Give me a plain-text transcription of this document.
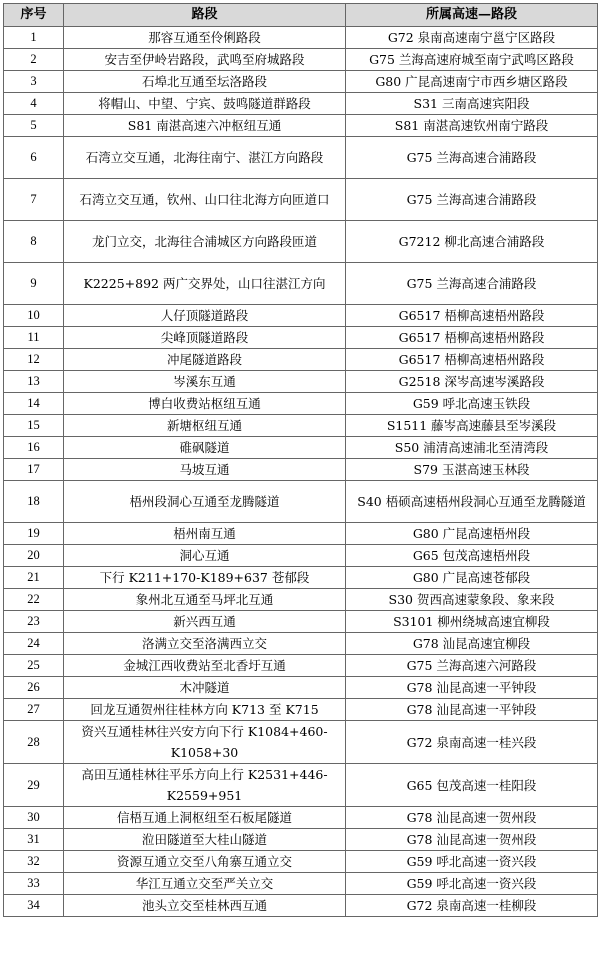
序号	路段	所属高速—路段
1	那容互通至伶俐路段	G72 泉南高速南宁邕宁区路段
2	安吉至伊岭岩路段，武鸣至府城路段	G75 兰海高速府城至南宁武鸣区路段
3	石埠北互通至坛洛路段	G80 广昆高速南宁市西乡塘区路段
4	将帽山、中望、宁宾、鼓鸣隧道群路段	S31 三南高速宾阳段
5	S81 南湛高速六冲枢纽互通	S81 南湛高速钦州南宁路段
6	石湾立交互通，北海往南宁、湛江方向路段	G75 兰海高速合浦路段
7	石湾立交互通，钦州、山口往北海方向匝道口	G75 兰海高速合浦路段
8	龙门立交，北海往合浦城区方向路段匝道	G7212 柳北高速合浦路段
9	K2225+892 两广交界处，山口往湛江方向	G75 兰海高速合浦路段
10	人仔顶隧道路段	G6517 梧柳高速梧州路段
11	尖峰顶隧道路段	G6517 梧柳高速梧州路段
12	冲尾隧道路段	G6517 梧柳高速梧州路段
13	岑溪东互通	G2518 深岑高速岑溪路段
14	博白收费站枢纽互通	G59 呼北高速玉铁段
15	新塘枢纽互通	S1511 藤岑高速藤县至岑溪段
16	碓砜隧道	S50 浦清高速浦北至清湾段
17	马坡互通	S79 玉湛高速玉林段
18	梧州段洞心互通至龙腾隧道	S40 梧硕高速梧州段洞心互通至龙腾隧道
19	梧州南互通	G80 广昆高速梧州段
20	洞心互通	G65 包茂高速梧州段
21	下行 K211+170-K189+637 苍郁段	G80 广昆高速苍郁段
22	象州北互通至马坪北互通	S30 贺西高速蒙象段、象来段
23	新兴西互通	S3101 柳州绕城高速宜柳段
24	洛满立交至洛满西立交	G78 汕昆高速宜柳段
25	金城江西收费站至北香圩互通	G75 兰海高速六河路段
26	木冲隧道	G78 汕昆高速一平钟段
27	回龙互通贺州往桂林方向 K713 至 K715	G78 汕昆高速一平钟段
28	资兴互通桂林往兴安方向下行 K1084+460-K1058+30	G72 泉南高速一桂兴段
29	高田互通桂林往平乐方向上行 K2531+446-K2559+951	G65 包茂高速一桂阳段
30	信梧互通上洞枢纽至石板尾隧道	G78 汕昆高速一贺州段
31	涖田隧道至大桂山隧道	G78 汕昆高速一贺州段
32	资源互通立交至八角寨互通立交	G59 呼北高速一资兴段
33	华江互通立交至严关立交	G59 呼北高速一资兴段
34	池头立交至桂林西互通	G72 泉南高速一桂柳段
